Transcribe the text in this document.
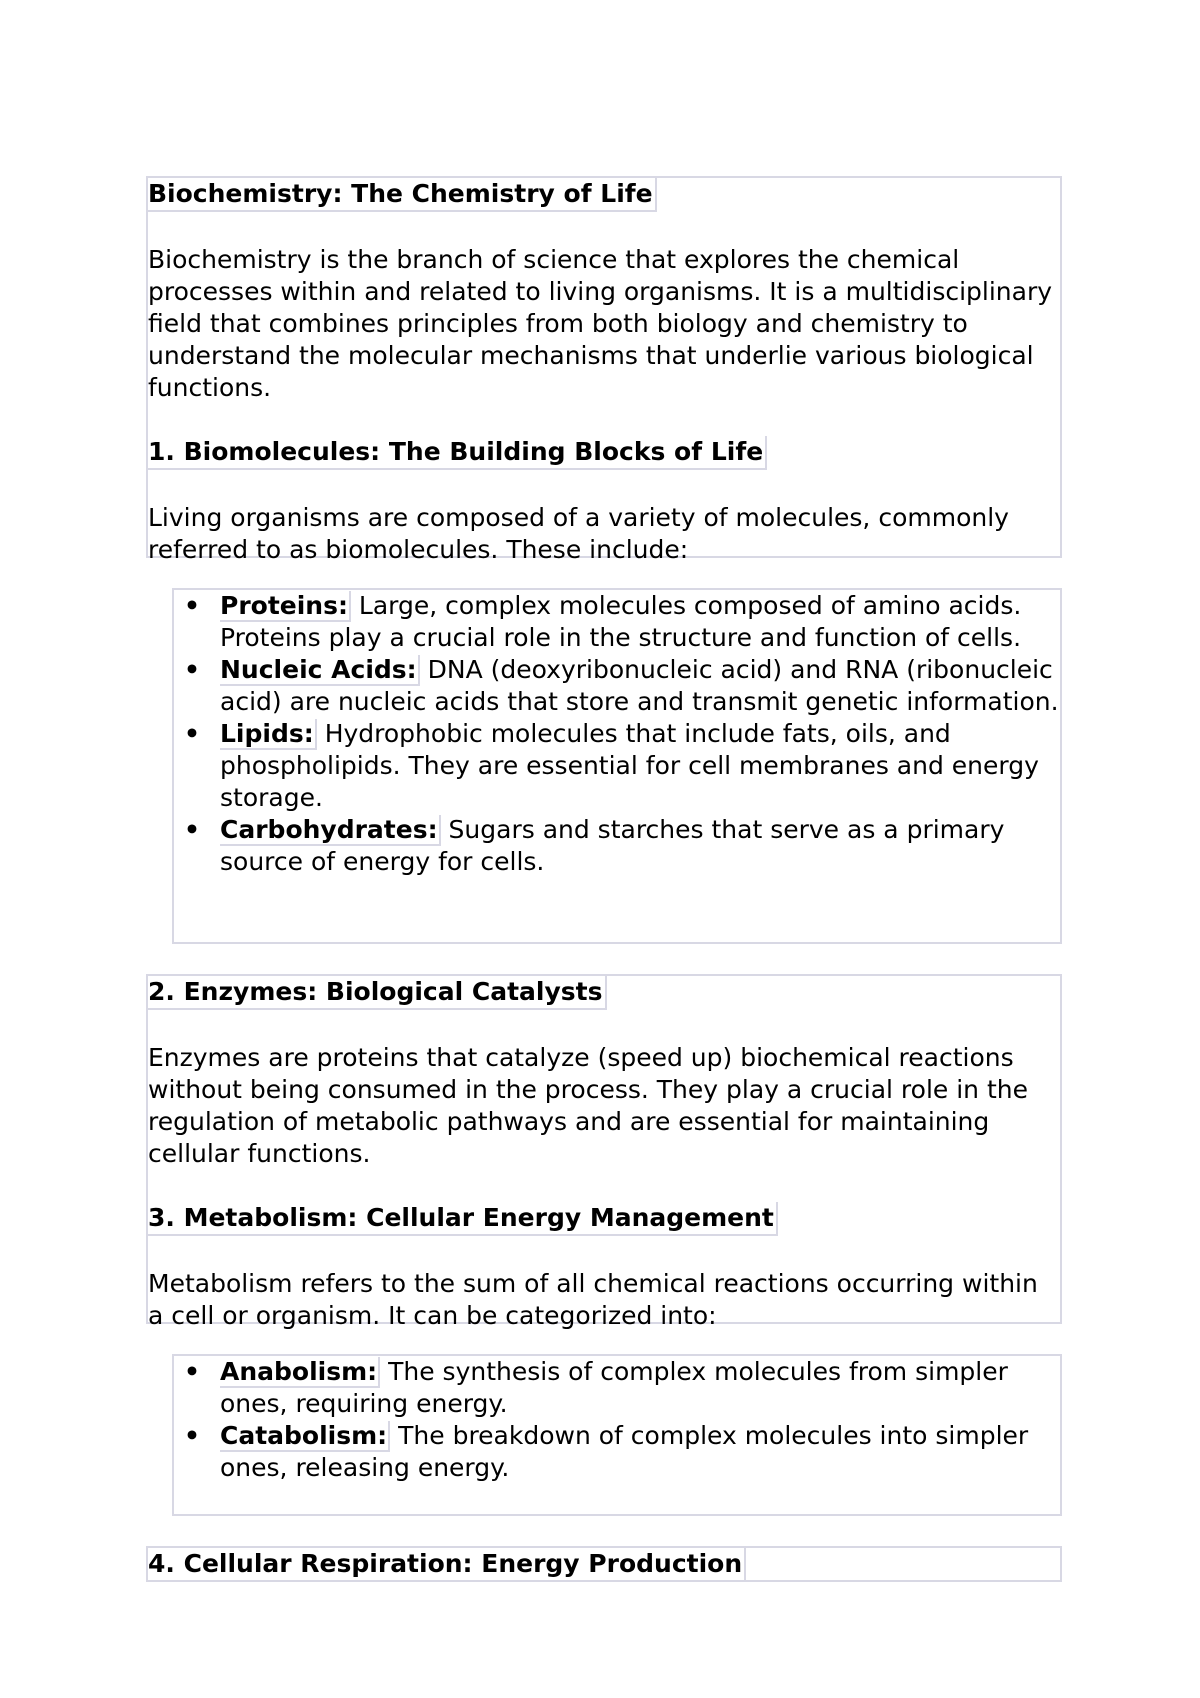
Biochemistry: The Chemistry of Life

Biochemistry is the branch of science that explores the chemical processes within and related to living organisms. It is a multidisciplinary field that combines principles from both biology and chemistry to understand the molecular mechanisms that underlie various biological functions.

1. Biomolecules: The Building Blocks of Life

Living organisms are composed of a variety of molecules, commonly referred to as biomolecules. These include:

• Proteins: Large, complex molecules composed of amino acids. Proteins play a crucial role in the structure and function of cells.
• Nucleic Acids: DNA (deoxyribonucleic acid) and RNA (ribonucleic acid) are nucleic acids that store and transmit genetic information.
• Lipids: Hydrophobic molecules that include fats, oils, and phospholipids. They are essential for cell membranes and energy storage.
• Carbohydrates: Sugars and starches that serve as a primary source of energy for cells.
2. Enzymes: Biological Catalysts

Enzymes are proteins that catalyze (speed up) biochemical reactions without being consumed in the process. They play a crucial role in the regulation of metabolic pathways and are essential for maintaining cellular functions.

3. Metabolism: Cellular Energy Management

Metabolism refers to the sum of all chemical reactions occurring within a cell or organism. It can be categorized into:

• Anabolism: The synthesis of complex molecules from simpler ones, requiring energy.
• Catabolism: The breakdown of complex molecules into simpler ones, releasing energy.
4. Cellular Respiration: Energy Production
